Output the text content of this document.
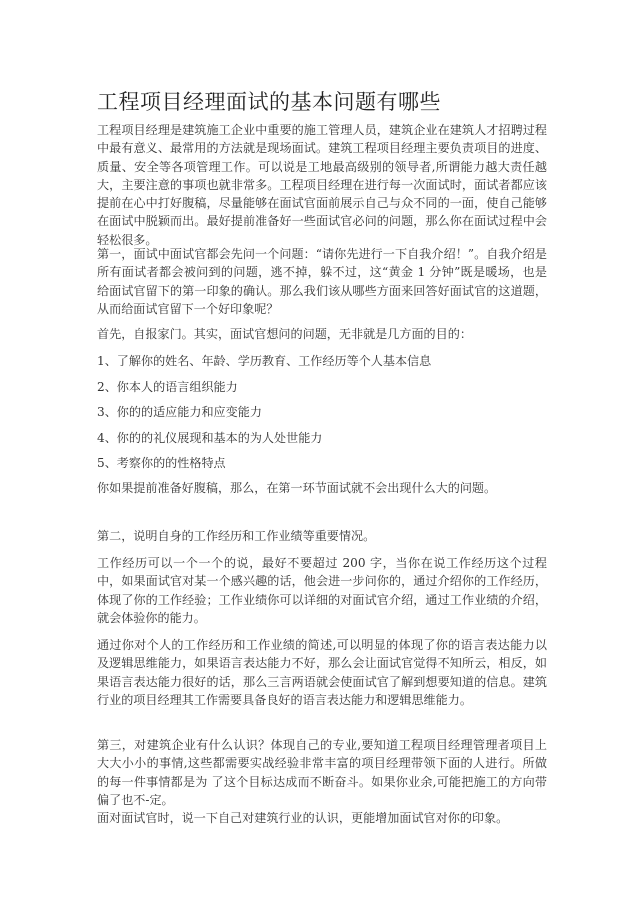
工程项目经理面试的基本问题有哪些

工程项目经理是建筑施工企业中重要的施工管理人员，建筑企业在建筑人才招聘过程中最有意义、最常用的方法就是现场面试。建筑工程项目经理主要负责项目的进度、质量、安全等各项管理工作。可以说是工地最高级别的领导者,所谓能力越大责任越大，主要注意的事项也就非常多。工程项目经理在进行每一次面试时，面试者都应该提前在心中打好腹稿，尽量能够在面试官面前展示自己与众不同的一面，使自己能够在面试中脱颖而出。最好提前准备好一些面试官必问的问题，那么你在面试过程中会轻松很多。

第一，面试中面试官都会先问一个问题：“请你先进行一下自我介绍！”。自我介绍是所有面试者都会被问到的问题，逃不掉，躲不过，这“黄金 1 分钟”既是暖场，也是给面试官留下的第一印象的确认。那么我们该从哪些方面来回答好面试官的这道题，从而给面试官留下一个好印象呢？

首先，自报家门。其实，面试官想问的问题，无非就是几方面的目的：

1、了解你的姓名、年龄、学历教育、工作经历等个人基本信息

2、你本人的语言组织能力

3、你的的适应能力和应变能力

4、你的的礼仪展现和基本的为人处世能力

5、考察你的的性格特点

你如果提前准备好腹稿，那么，在第一环节面试就不会出现什么大的问题。

第二，说明自身的工作经历和工作业绩等重要情况。

工作经历可以一个一个的说，最好不要超过 200 字，当你在说工作经历这个过程中，如果面试官对某一个感兴趣的话，他会进一步问你的，通过介绍你的工作经历，体现了你的工作经验；工作业绩你可以详细的对面试官介绍，通过工作业绩的介绍，就会体验你的能力。

通过你对个人的工作经历和工作业绩的简述,可以明显的体现了你的语言表达能力以及逻辑思维能力，如果语言表达能力不好，那么会让面试官觉得不知所云，相反，如果语言表达能力很好的话，那么三言两语就会使面试官了解到想要知道的信息。建筑行业的项目经理其工作需要具备良好的语言表达能力和逻辑思维能力。

第三，对建筑企业有什么认识？体现自己的专业,要知道工程项目经理管理者项目上大大小小的事情,这些都需要实战经验非常丰富的项目经理带领下面的人进行。所做的每一件事情都是为 了这个目标达成而不断奋斗。如果你业余,可能把施工的方向带偏了也不-定。

面对面试官时，说一下自己对建筑行业的认识，更能增加面试官对你的印象。
